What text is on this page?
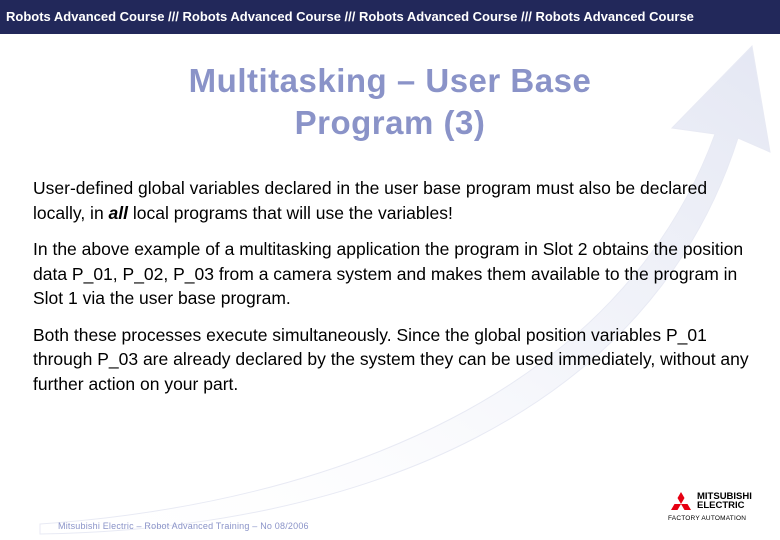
Robots Advanced Course /// Robots Advanced Course /// Robots Advanced Course /// Robots Advanced Course
Multitasking – User Base
Program (3)

User-defined global variables declared in the user base program must also be declared locally, in all local programs that will use the variables!

In the above example of a multitasking application the program in Slot 2 obtains the position data P_01, P_02, P_03 from a camera system and makes them available to the program in Slot 1 via the user base program.

Both these processes execute simultaneously. Since the global position variables P_01 through P_03 are already declared by the system they can be used immediately, without any further action on your part.

Mitsubishi Electric – Robot Advanced Training – No 08/2006
MITSUBISHI
ELECTRIC
FACTORY AUTOMATION
